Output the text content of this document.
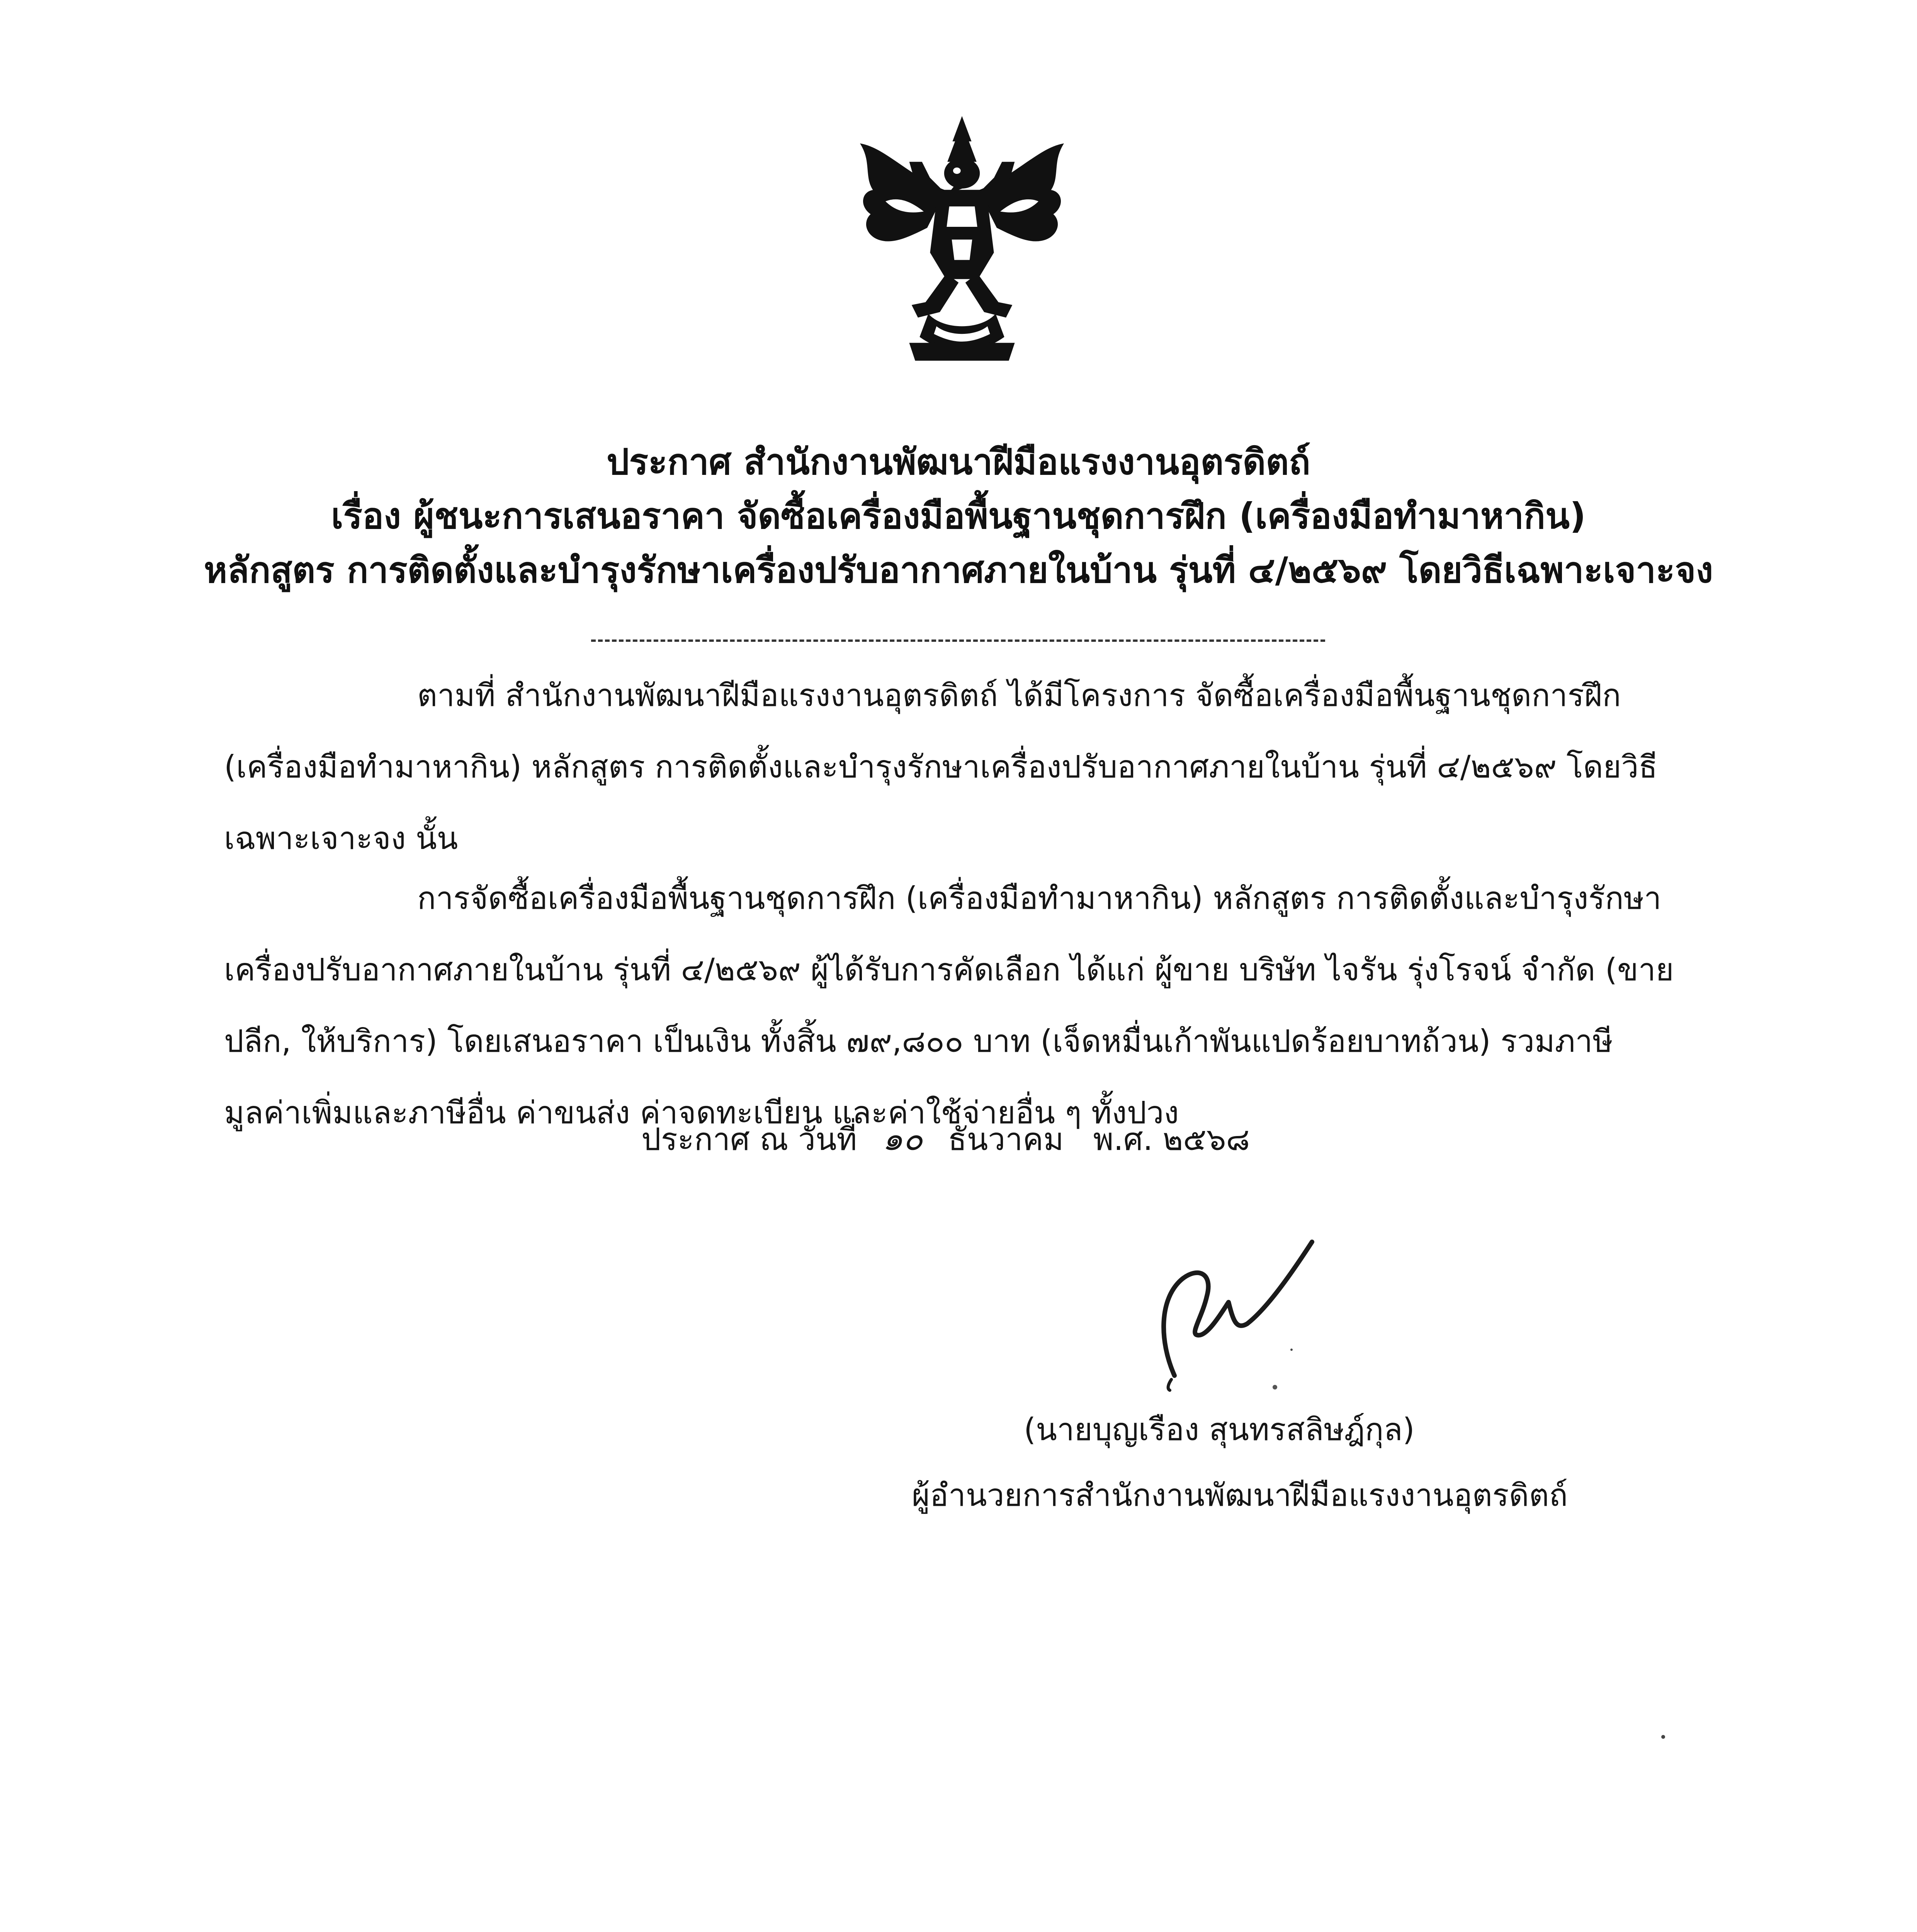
ประกาศ สำนักงานพัฒนาฝีมือแรงงานอุตรดิตถ์
เรื่อง ผู้ชนะการเสนอราคา จัดซื้อเครื่องมือพื้นฐานชุดการฝึก (เครื่องมือทำมาหากิน)
หลักสูตร การติดตั้งและบำรุงรักษาเครื่องปรับอากาศภายในบ้าน รุ่นที่ ๔/๒๕๖๙ โดยวิธีเฉพาะเจาะจง
ตามที่ สำนักงานพัฒนาฝีมือแรงงานอุตรดิตถ์ ได้มีโครงการ จัดซื้อเครื่องมือพื้นฐานชุดการฝึก
(เครื่องมือทำมาหากิน) หลักสูตร การติดตั้งและบำรุงรักษาเครื่องปรับอากาศภายในบ้าน รุ่นที่ ๔/๒๕๖๙ โดยวิธี
เฉพาะเจาะจง นั้น
การจัดซื้อเครื่องมือพื้นฐานชุดการฝึก (เครื่องมือทำมาหากิน) หลักสูตร การติดตั้งและบำรุงรักษา
เครื่องปรับอากาศภายในบ้าน รุ่นที่ ๔/๒๕๖๙ ผู้ได้รับการคัดเลือก ได้แก่ ผู้ขาย บริษัท ไจรัน รุ่งโรจน์ จำกัด (ขาย
ปลีก, ให้บริการ) โดยเสนอราคา เป็นเงิน ทั้งสิ้น ๗๙,๘๐๐ บาท (เจ็ดหมื่นเก้าพันแปดร้อยบาทถ้วน) รวมภาษี
มูลค่าเพิ่มและภาษีอื่น ค่าขนส่ง ค่าจดทะเบียน และค่าใช้จ่ายอื่น ๆ ทั้งปวง
ประกาศ ณ วันที่ ๑๐ ธันวาคม พ.ศ. ๒๕๖๘
(นายบุญเรือง สุนทรสลิษฎ์กุล)
ผู้อำนวยการสำนักงานพัฒนาฝีมือแรงงานอุตรดิตถ์
